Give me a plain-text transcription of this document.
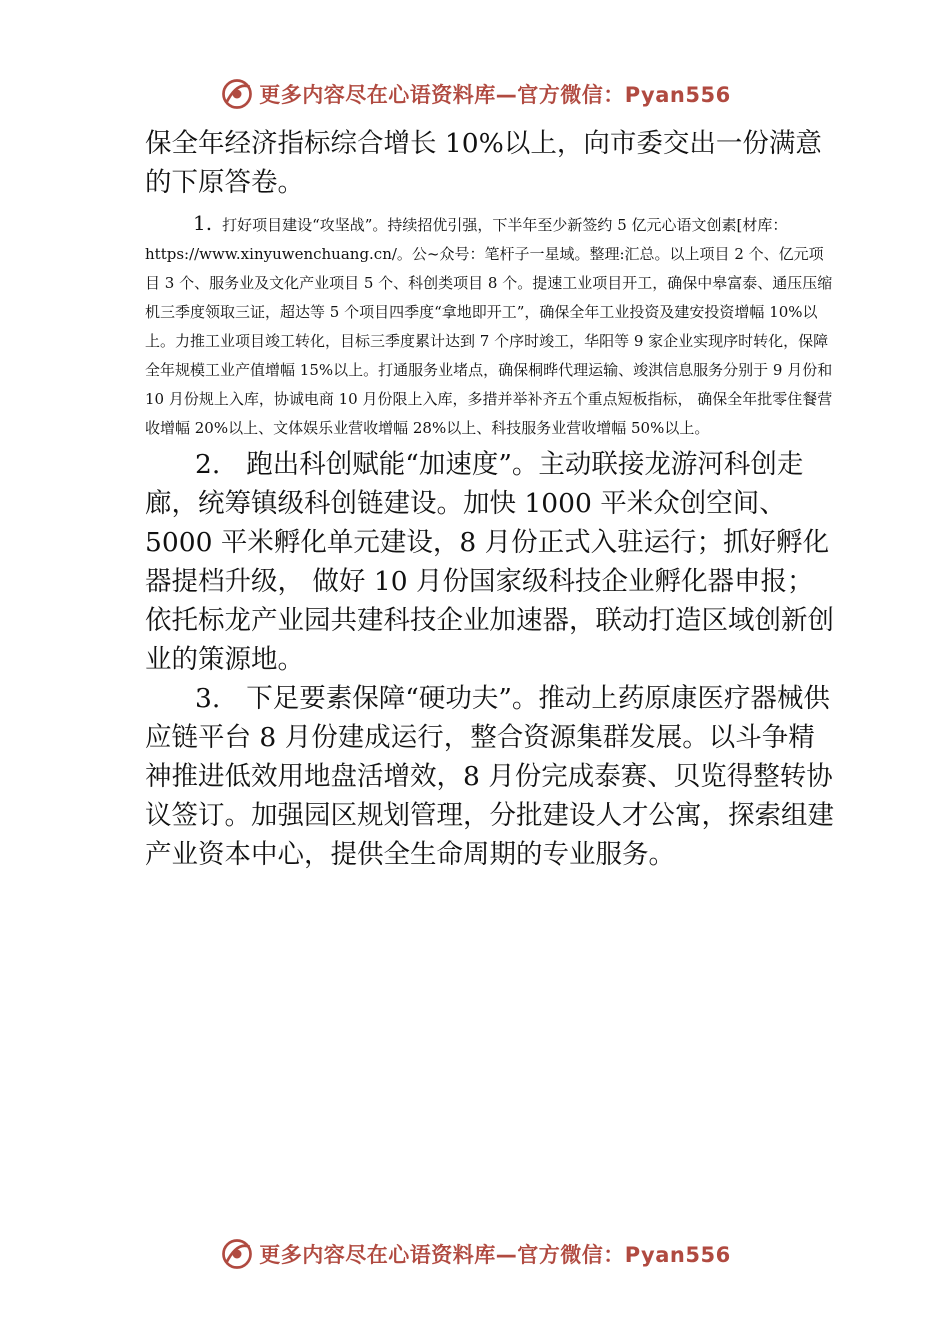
更多内容尽在心语资料库—官方微信：Pyan556

保全年经济指标综合增长 10%以上，向市委交出一份满意的下原答卷。

1. 打好项目建设“攻坚战”。持续招优引强，下半年至少新签约 5 亿元心语文创素[材库：https://www.xinyuwenchuang.cn/。公~众号：笔杆子一星域。整理:汇总。以上项目 2 个、亿元项目 3 个、服务业及文化产业项目 5 个、科创类项目 8 个。提速工业项目开工，确保中皋富泰、通压压缩机三季度领取三证，超达等 5 个项目四季度“拿地即开工”，确保全年工业投资及建安投资增幅 10%以上。力推工业项目竣工转化，目标三季度累计达到 7 个序时竣工，华阳等 9 家企业实现序时转化，保障全年规模工业产值增幅 15%以上。打通服务业堵点，确保桐晔代理运输、竣淇信息服务分别于 9 月份和 10 月份规上入库，协诚电商 10 月份限上入库，多措并举补齐五个重点短板指标， 确保全年批零住餐营收增幅 20%以上、文体娱乐业营收增幅 28%以上、科技服务业营收增幅 50%以上。

2. 跑出科创赋能“加速度”。主动联接龙游河科创走廊，统筹镇级科创链建设。加快 1000 平米众创空间、5000 平米孵化单元建设，8 月份正式入驻运行；抓好孵化器提档升级， 做好 10 月份国家级科技企业孵化器申报；依托标龙产业园共建科技企业加速器，联动打造区域创新创业的策源地。

3. 下足要素保障“硬功夫”。推动上药原康医疗器械供应链平台 8 月份建成运行，整合资源集群发展。以斗争精神推进低效用地盘活增效，8 月份完成泰赛、贝览得整转协议签订。加强园区规划管理，分批建设人才公寓，探索组建产业资本中心，提供全生命周期的专业服务。

更多内容尽在心语资料库—官方微信：Pyan556
